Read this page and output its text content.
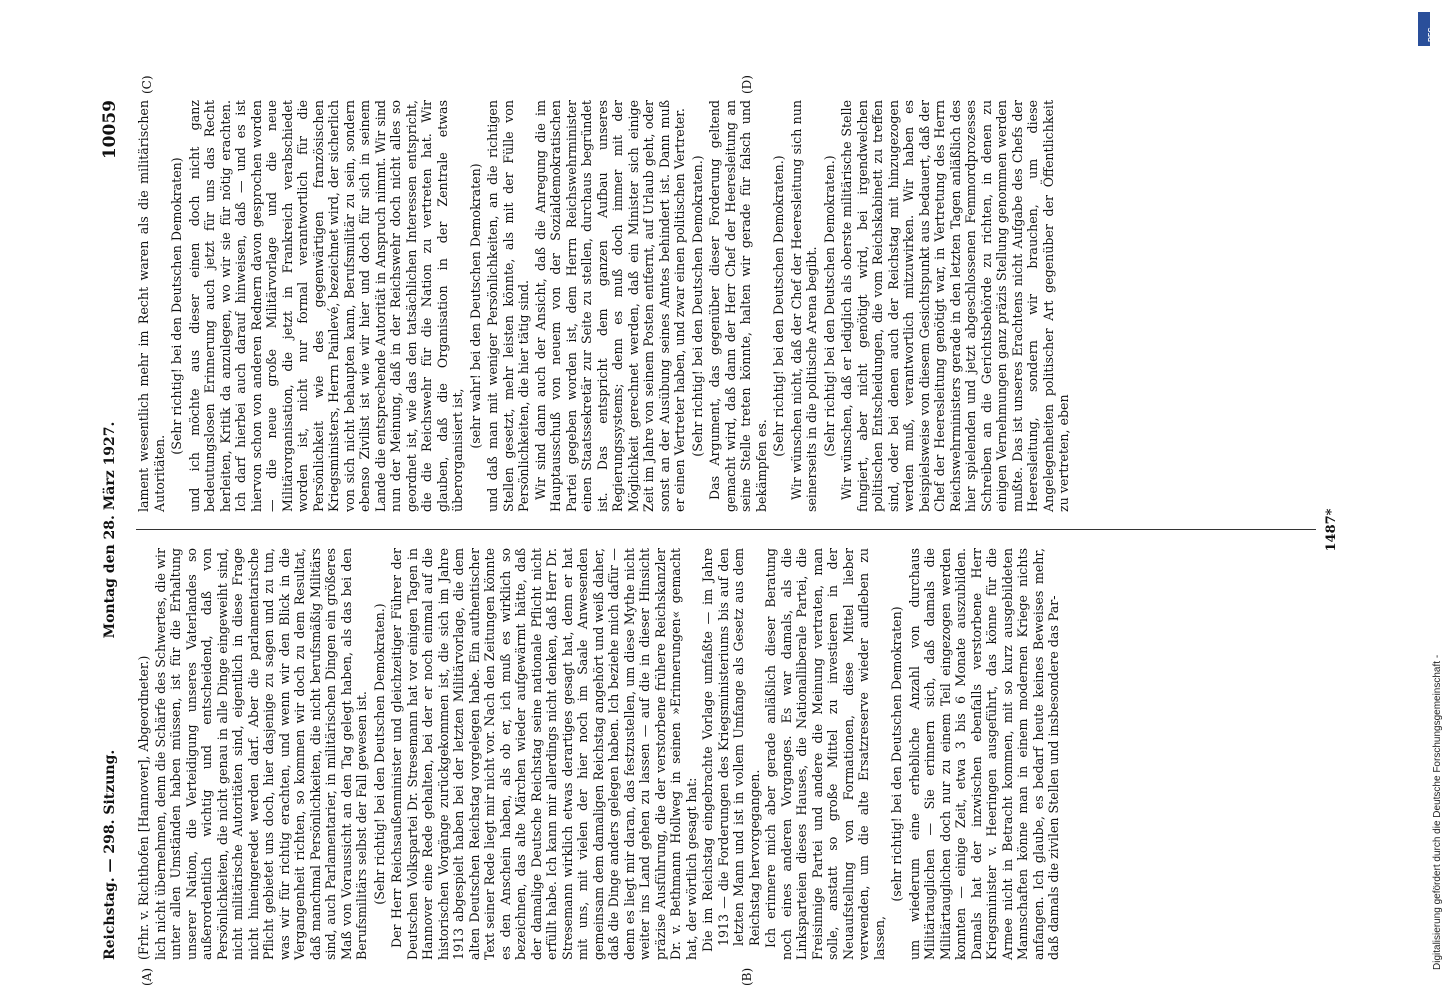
Reichstag. — 298. Sitzung.
Montag den 28. März 1927.
10059
(A)	(B)
(C)	(D)

(Frhr. v. Richthofen [Hannover], Abgeordneter.) lich nicht übernehmen, denn die Schärfe des Schwertes, die wir unter allen Umständen haben müssen, ist für die Erhaltung unserer Nation, die Verteidigung unseres Vaterlandes so außerordentlich wichtig und entscheidend, daß von Persönlichkeiten, die nicht genau in alle Dinge eingeweiht sind, nicht militärische Autoritäten sind, eigentlich in diese Frage nicht hineingeredet werden darf. Aber die parlamentarische Pflicht gebietet uns doch, hier dasjenige zu sagen und zu tun, was wir für richtig erachten, und wenn wir den Blick in die Vergangenheit richten, so kommen wir doch zu dem Resultat, daß manchmal Persönlichkeiten, die nicht berufsmäßig Militärs sind, auch Parlamentarier, in militärischen Dingen ein größeres Maß von Voraussicht an den Tag gelegt haben, als das bei den Berufsmilitärs selbst der Fall gewesen ist. (Sehr richtig! bei den Deutschen Demokraten.) Der Herr Reichsaußenminister und gleichzeitiger Führer der Deutschen Volkspartei Dr. Stresemann hat vor einigen Tagen in Hannover eine Rede gehalten, bei der er noch einmal auf die historischen Vorgänge zurückgekommen ist, die sich im Jahre 1913 abgespielt haben bei der letzten Militärvorlage, die dem alten Deutschen Reichstag vorgelegen habe. Ein authentischer Text seiner Rede liegt mir nicht vor. Nach den Zeitungen könnte es den Anschein haben, als ob er, ich muß es wirklich so bezeichnen, das alte Märchen wieder aufgewärmt hätte, daß der damalige Deutsche Reichstag seine nationale Pflicht nicht erfüllt habe. Ich kann mir allerdings nicht denken, daß Herr Dr. Stresemann wirklich etwas derartiges gesagt hat, denn er hat mit uns, mit vielen der hier noch im Saale Anwesenden gemeinsam dem damaligen Reichstag angehört und weiß daher, daß die Dinge anders gelegen haben. Ich beziehe mich dafür — denn es liegt mir daran, das festzustellen, um diese Mythe nicht weiter ins Land gehen zu lassen — auf die in dieser Hinsicht präzise Ausführung, die der verstorbene frühere Reichskanzler Dr. v. Bethmann Hollweg in seinen »Erinnerungen« gemacht hat, der wörtlich gesagt hat: Die im Reichstag eingebrachte Vorlage umfaßte — im Jahre 1913 — die Forderungen des Kriegsministeriums bis auf den letzten Mann und ist in vollem Umfange als Gesetz aus dem Reichstag hervorgegangen. Ich erinnere mich aber gerade anläßlich dieser Beratung noch eines anderen Vorganges. Es war damals, als die Linksparteien dieses Hauses, die Nationalliberale Partei, die Freisinnige Partei und andere die Meinung vertraten, man solle, anstatt so große Mittel zu investieren in der Neuaufstellung von Formationen, diese Mittel lieber verwenden, um die alte Ersatzreserve wieder aufleben zu lassen,

(sehr richtig! bei den Deutschen Demokraten) um wiederum eine erhebliche Anzahl von durchaus Militärtauglichen — Sie erinnern sich, daß damals die Militärtauglichen doch nur zu einem Teil eingezogen werden konnten — einige Zeit, etwa 3 bis 6 Monate auszubilden. Damals hat der inzwischen ebenfalls verstorbene Herr Kriegsminister v. Heeringen ausgeführt, das könne für die Armee nicht in Betracht kommen, mit so kurz ausgebildeten Mannschaften könne man in einem modernen Kriege nichts anfangen. Ich glaube, es bedarf heute keines Beweises mehr, daß damals die zivilen Stellen und insbesondere das Par-

lament wesentlich mehr im Recht waren als die militärischen Autoritäten.

(Sehr richtig! bei den Deutschen Demokraten) und ich möchte aus dieser einen doch nicht ganz bedeutungslosen Erinnerung auch jetzt für uns das Recht herleiten, Kritik da anzulegen, wo wir sie für nötig erachten. Ich darf hierbei auch darauf hinweisen, daß — und es ist hiervon schon von anderen Rednern davon gesprochen worden — die neue große Militärvorlage und die neue Militärorganisation, die jetzt in Frankreich verabschiedet worden ist, nicht nur formal verantwortlich für die Persönlichkeit wie des gegenwärtigen französischen Kriegsministers, Herrn Painlevé, bezeichnet wird, der sicherlich von sich nicht behaupten kann, Berufsmilitär zu sein, sondern ebenso Zivilist ist wie wir hier und doch für sich in seinem Lande die entsprechende Autorität in Anspruch nimmt. Wir sind nun der Meinung, daß in der Reichswehr doch nicht alles so geordnet ist, wie das den tatsächlichen Interessen entspricht, die die Reichswehr für die Nation zu vertreten hat. Wir glauben, daß die Organisation in der Zentrale etwas überorganisiert ist,

(sehr wahr! bei den Deutschen Demokraten) und daß man mit weniger Persönlichkeiten, an die richtigen Stellen gesetzt, mehr leisten könnte, als mit der Fülle von Persönlichkeiten, die hier tätig sind. Wir sind dann auch der Ansicht, daß die Anregung die im Hauptausschuß von neuem von der Sozialdemokratischen Partei gegeben worden ist, dem Herrn Reichswehrminister einen Staatssekretär zur Seite zu stellen, durchaus begründet ist. Das entspricht dem ganzen Aufbau unseres Regierungssystems; denn es muß doch immer mit der Möglichkeit gerechnet werden, daß ein Minister sich einige Zeit im Jahre von seinem Posten entfernt, auf Urlaub geht, oder sonst an der Ausübung seines Amtes behindert ist. Dann muß er einen Vertreter haben, und zwar einen politischen Vertreter. (Sehr richtig! bei den Deutschen Demokraten.) Das Argument, das gegenüber dieser Forderung geltend gemacht wird, daß dann der Herr Chef der Heeresleitung an seine Stelle treten könnte, halten wir gerade für falsch und bekämpfen es.

(Sehr richtig! bei den Deutschen Demokraten.) Wir wünschen nicht, daß der Chef der Heeresleitung sich nun seinerseits in die politische Arena begibt. (Sehr richtig! bei den Deutschen Demokraten.) Wir wünschen, daß er lediglich als oberste militärische Stelle fungiert, aber nicht genötigt wird, bei irgendwelchen politischen Entscheidungen, die vom Reichskabinett zu treffen sind, oder bei denen auch der Reichstag mit hinzugezogen werden muß, verantwortlich mitzuwirken. Wir haben es beispielsweise von diesem Gesichtspunkt aus bedauert, daß der Chef der Heeresleitung genötigt war, in Vertretung des Herrn Reichswehrministers gerade in den letzten Tagen anläßlich des hier spielenden und jetzt abgeschlossenen Femmordprozesses Schreiben an die Gerichtsbehörde zu richten, in denen zu einigen Vernehmungen ganz präzis Stellung genommen werden mußte. Das ist unseres Erachtens nicht Aufgabe des Chefs der Heeresleitung, sondern wir brauchen, um diese Angelegenheiten politischer Art gegenüber der Öffentlichkeit zu vertreten, eben

1487*
Digitalisierung gefördert durch die Deutsche Forschungsgemeinschaft -
DFG
